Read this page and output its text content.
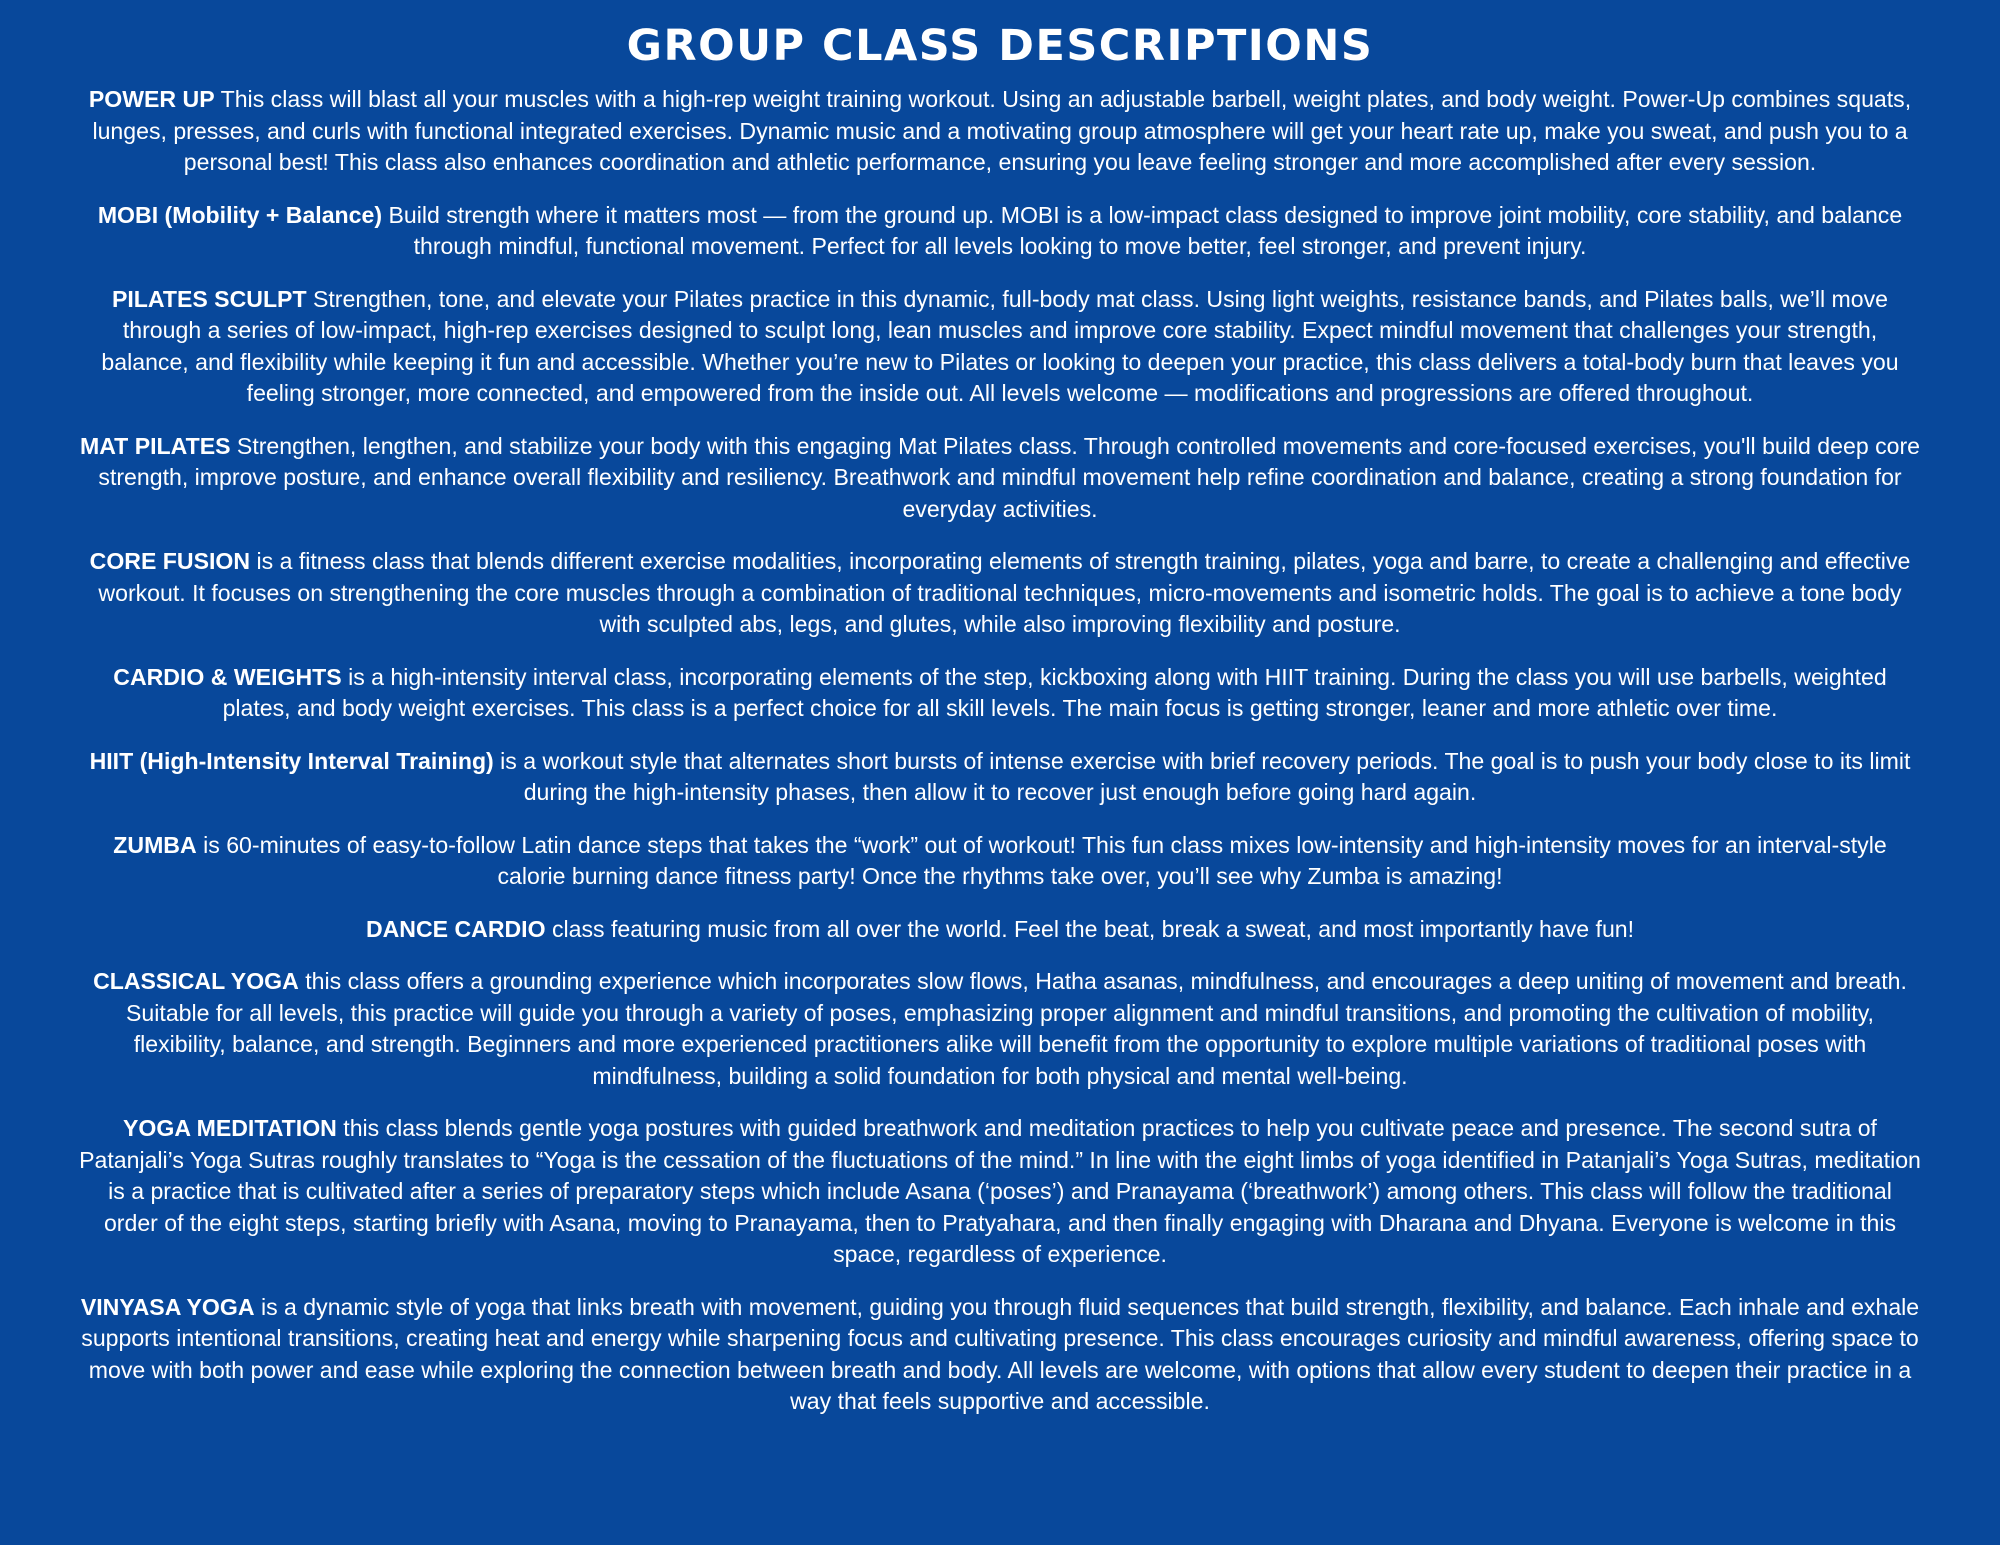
GROUP CLASS DESCRIPTIONS
POWER UP This class will blast all your muscles with a high-rep weight training workout. Using an adjustable barbell, weight plates, and body weight. Power-Up combines squats, lunges, presses, and curls with functional integrated exercises. Dynamic music and a motivating group atmosphere will get your heart rate up, make you sweat, and push you to a personal best! This class also enhances coordination and athletic performance, ensuring you leave feeling stronger and more accomplished after every session.
MOBI (Mobility + Balance) Build strength where it matters most — from the ground up. MOBI is a low-impact class designed to improve joint mobility, core stability, and balance through mindful, functional movement. Perfect for all levels looking to move better, feel stronger, and prevent injury.
PILATES SCULPT Strengthen, tone, and elevate your Pilates practice in this dynamic, full-body mat class. Using light weights, resistance bands, and Pilates balls, we’ll move through a series of low-impact, high-rep exercises designed to sculpt long, lean muscles and improve core stability. Expect mindful movement that challenges your strength, balance, and flexibility while keeping it fun and accessible. Whether you’re new to Pilates or looking to deepen your practice, this class delivers a total-body burn that leaves you feeling stronger, more connected, and empowered from the inside out. All levels welcome — modifications and progressions are offered throughout.
MAT PILATES Strengthen, lengthen, and stabilize your body with this engaging Mat Pilates class. Through controlled movements and core-focused exercises, you'll build deep core strength, improve posture, and enhance overall flexibility and resiliency. Breathwork and mindful movement help refine coordination and balance, creating a strong foundation for everyday activities.
CORE FUSION is a fitness class that blends different exercise modalities, incorporating elements of strength training, pilates, yoga and barre, to create a challenging and effective workout. It focuses on strengthening the core muscles through a combination of traditional techniques, micro-movements and isometric holds. The goal is to achieve a tone body with sculpted abs, legs, and glutes, while also improving flexibility and posture.
CARDIO & WEIGHTS is a high-intensity interval class, incorporating elements of the step, kickboxing along with HIIT training. During the class you will use barbells, weighted plates, and body weight exercises. This class is a perfect choice for all skill levels. The main focus is getting stronger, leaner and more athletic over time.
HIIT (High-Intensity Interval Training) is a workout style that alternates short bursts of intense exercise with brief recovery periods. The goal is to push your body close to its limit during the high-intensity phases, then allow it to recover just enough before going hard again.
ZUMBA is 60-minutes of easy-to-follow Latin dance steps that takes the “work” out of workout! This fun class mixes low-intensity and high-intensity moves for an interval-style calorie burning dance fitness party! Once the rhythms take over, you’ll see why Zumba is amazing!
DANCE CARDIO class featuring music from all over the world. Feel the beat, break a sweat, and most importantly have fun!
CLASSICAL YOGA this class offers a grounding experience which incorporates slow flows, Hatha asanas, mindfulness, and encourages a deep uniting of movement and breath. Suitable for all levels, this practice will guide you through a variety of poses, emphasizing proper alignment and mindful transitions, and promoting the cultivation of mobility, flexibility, balance, and strength. Beginners and more experienced practitioners alike will benefit from the opportunity to explore multiple variations of traditional poses with mindfulness, building a solid foundation for both physical and mental well-being.
YOGA MEDITATION this class blends gentle yoga postures with guided breathwork and meditation practices to help you cultivate peace and presence. The second sutra of Patanjali’s Yoga Sutras roughly translates to “Yoga is the cessation of the fluctuations of the mind.” In line with the eight limbs of yoga identified in Patanjali’s Yoga Sutras, meditation is a practice that is cultivated after a series of preparatory steps which include Asana (‘poses’) and Pranayama (‘breathwork’) among others. This class will follow the traditional order of the eight steps, starting briefly with Asana, moving to Pranayama, then to Pratyahara, and then finally engaging with Dharana and Dhyana. Everyone is welcome in this space, regardless of experience.
VINYASA YOGA is a dynamic style of yoga that links breath with movement, guiding you through fluid sequences that build strength, flexibility, and balance. Each inhale and exhale supports intentional transitions, creating heat and energy while sharpening focus and cultivating presence. This class encourages curiosity and mindful awareness, offering space to move with both power and ease while exploring the connection between breath and body. All levels are welcome, with options that allow every student to deepen their practice in a way that feels supportive and accessible.
